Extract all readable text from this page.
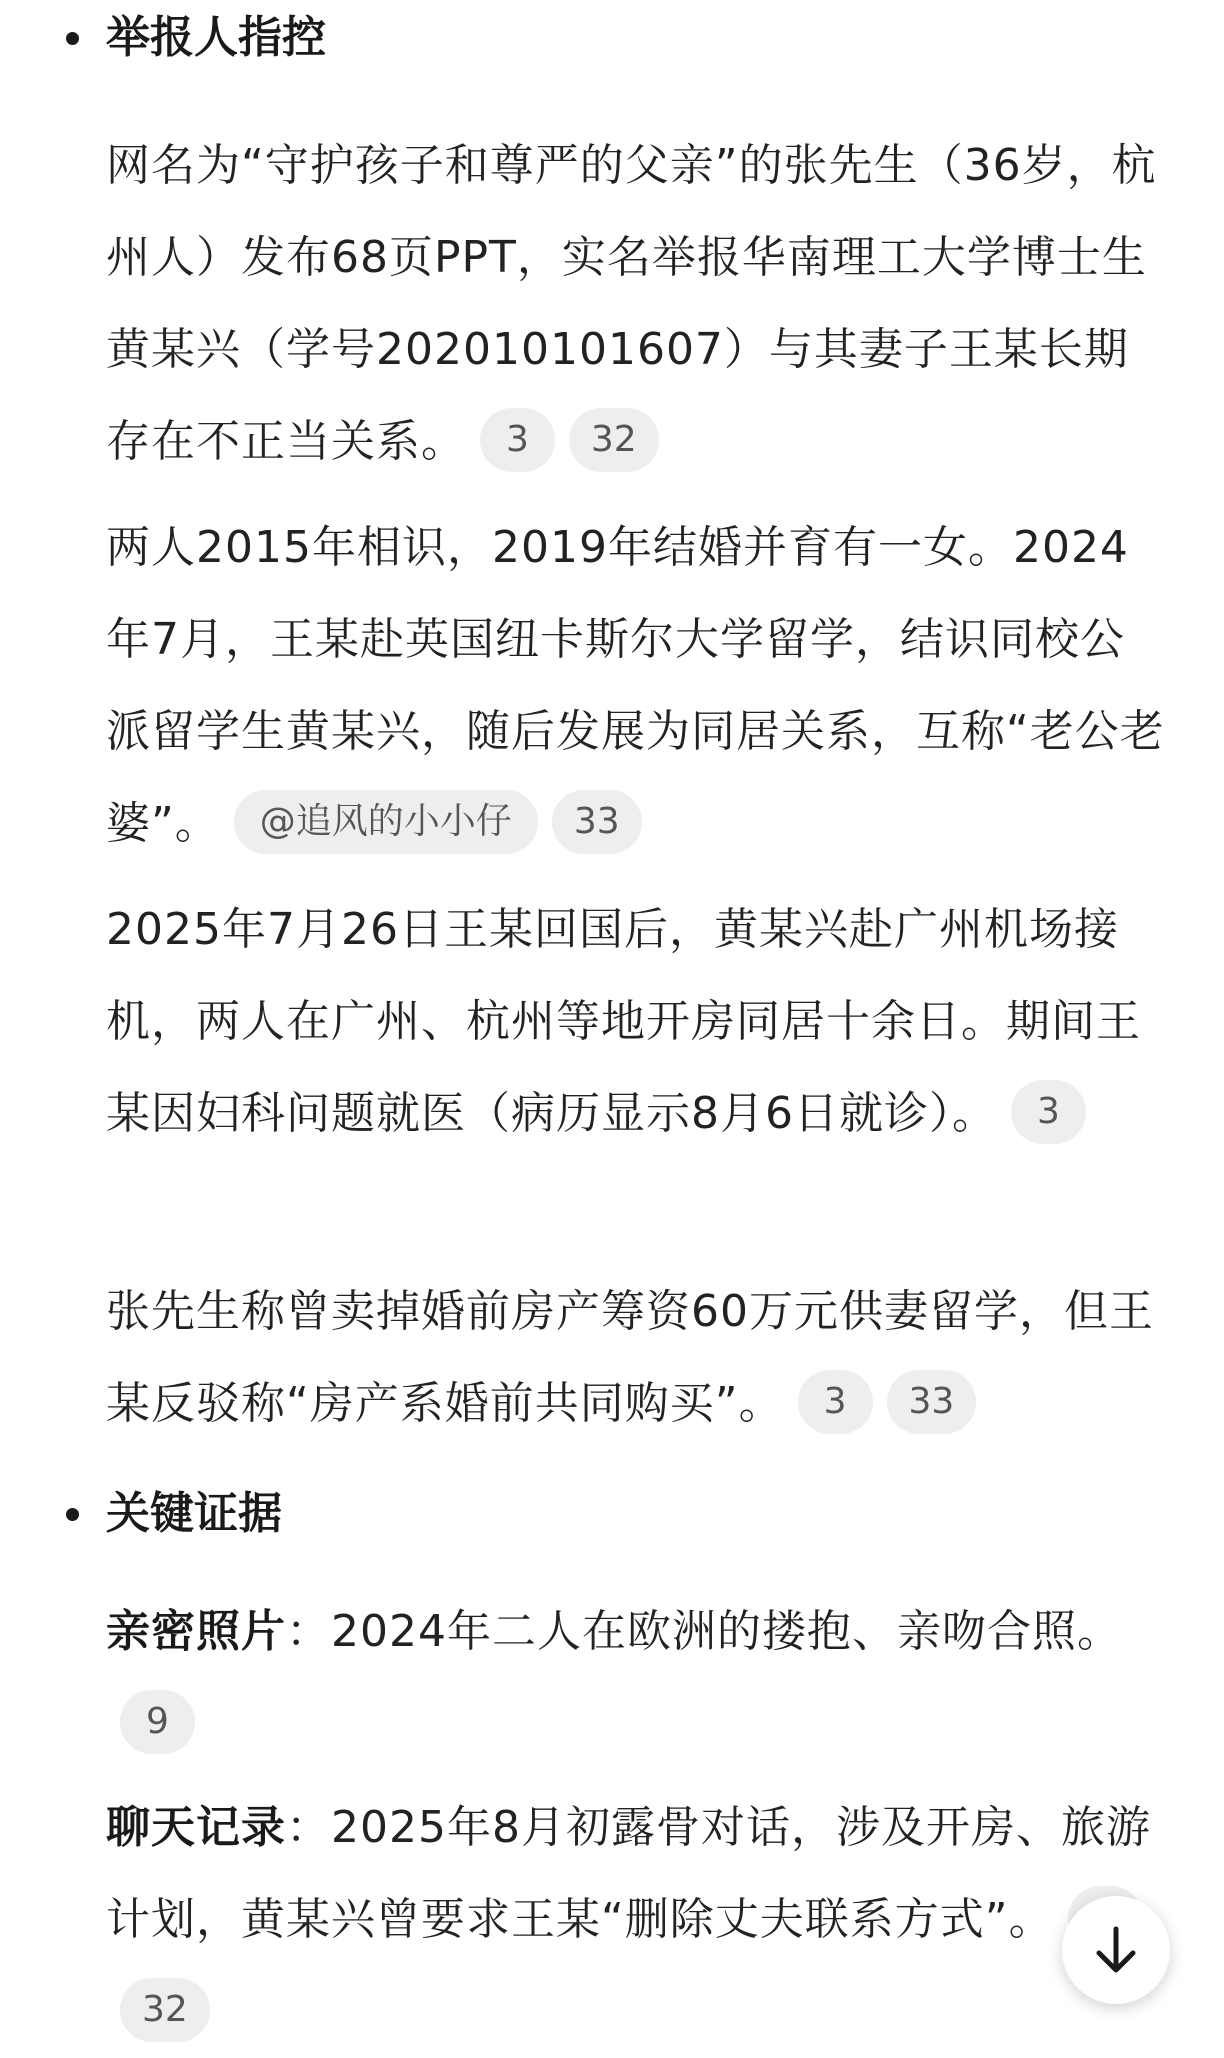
举报人指控
网名为“守护孩子和尊严的父亲”的张先生（36岁，杭州人）发布68页PPT，实名举报华南理工大学博士生黄某兴（学号202010101607）与其妻子王某长期存在不正当关系。 3 32
两人2015年相识，2019年结婚并育有一女。2024年7月，王某赴英国纽卡斯尔大学留学，结识同校公派留学生黄某兴，随后发展为同居关系，互称“老公老婆”。 @追风的小小仔 33
2025年7月26日王某回国后，黄某兴赴广州机场接机，两人在广州、杭州等地开房同居十余日。期间王某因妇科问题就医（病历显示8月6日就诊）。 3
张先生称曾卖掉婚前房产筹资60万元供妻留学，但王某反驳称“房产系婚前共同购买”。 3 33
关键证据
亲密照片：2024年二人在欧洲的搂抱、亲吻合照。9
聊天记录：2025年8月初露骨对话，涉及开房、旅游计划，黄某兴曾要求王某“删除丈夫联系方式”。32
